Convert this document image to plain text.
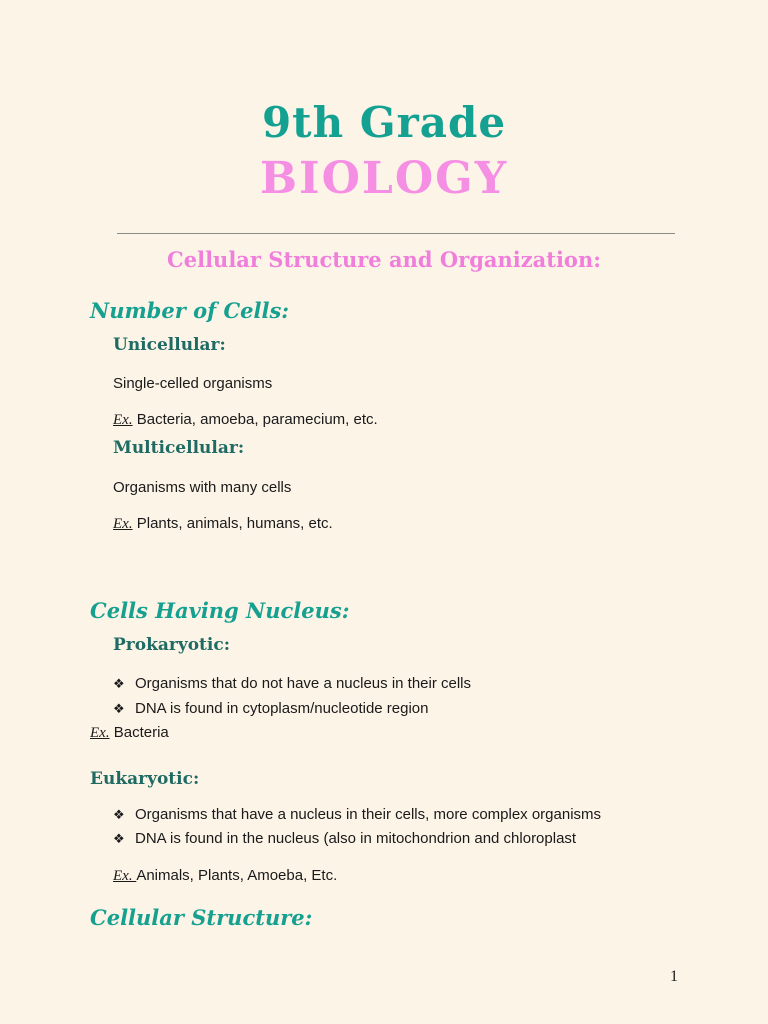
9th Grade
BIOLOGY
Cellular Structure and Organization:
Number of Cells:
Unicellular:
Single-celled organisms
Ex. Bacteria, amoeba, paramecium, etc.
Multicellular:
Organisms with many cells
Ex. Plants, animals, humans, etc.
Cells Having Nucleus:
Prokaryotic:
❖ Organisms that do not have a nucleus in their cells
❖ DNA is found in cytoplasm/nucleotide region
Ex. Bacteria
Eukaryotic:
❖ Organisms that have a nucleus in their cells, more complex organisms
❖ DNA is found in the nucleus (also in mitochondrion and chloroplast
Ex. Animals, Plants, Amoeba, Etc.
Cellular Structure:
1
